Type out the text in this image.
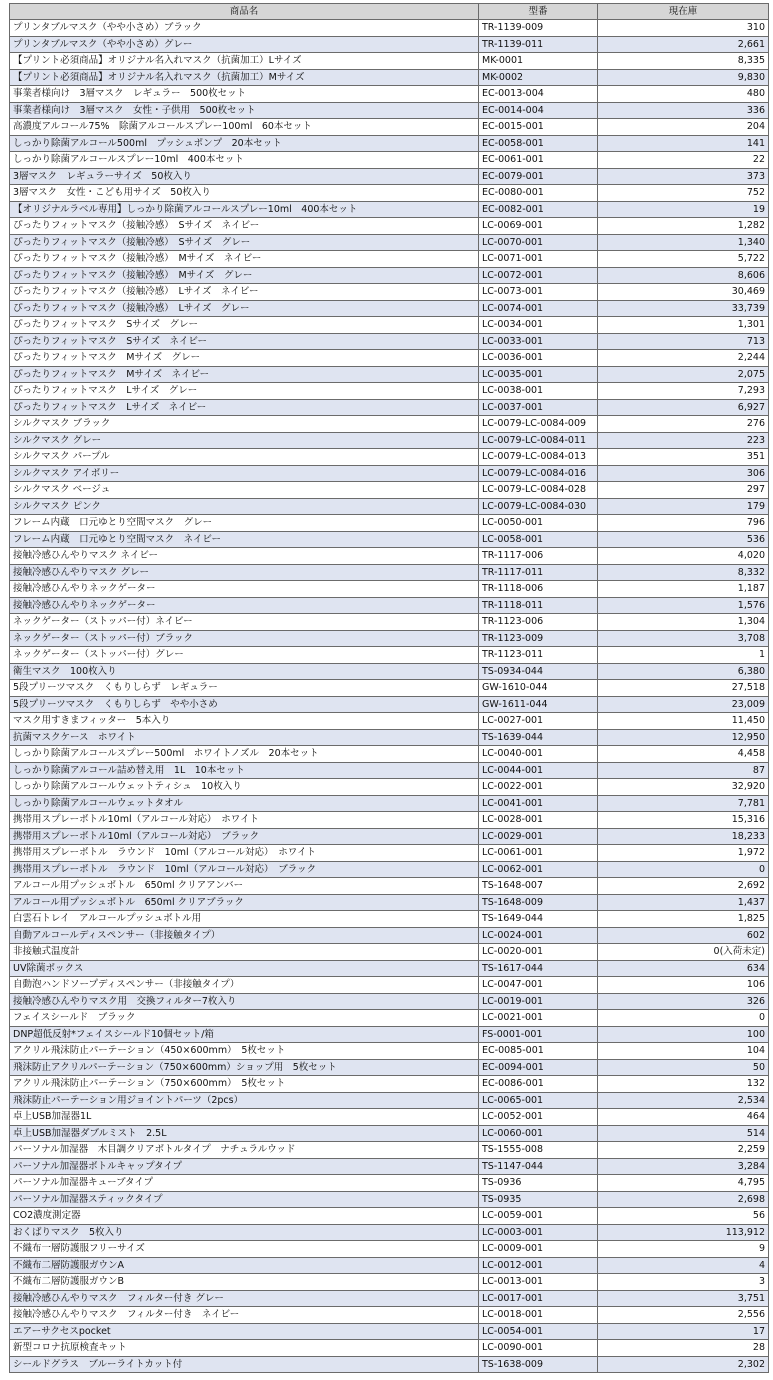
商品名	型番	現在庫
プリンタブルマスク（やや小さめ）ブラック	TR-1139-009	310
プリンタブルマスク（やや小さめ）グレー	TR-1139-011	2,661
【プリント必須商品】オリジナル名入れマスク（抗菌加工）Lサイズ	MK-0001	8,335
【プリント必須商品】オリジナル名入れマスク（抗菌加工）Mサイズ	MK-0002	9,830
事業者様向け　3層マスク　レギュラー　500枚セット	EC-0013-004	480
事業者様向け　3層マスク　女性・子供用　500枚セット	EC-0014-004	336
高濃度アルコール75%　除菌アルコールスプレー100ml　60本セット	EC-0015-001	204
しっかり除菌アルコール500ml　プッシュポンプ　20本セット	EC-0058-001	141
しっかり除菌アルコールスプレー10ml　400本セット	EC-0061-001	22
3層マスク　レギュラーサイズ　50枚入り	EC-0079-001	373
3層マスク　女性・こども用サイズ　50枚入り	EC-0080-001	752
【オリジナルラベル専用】しっかり除菌アルコールスプレー10ml　400本セット	EC-0082-001	19
ぴったりフィットマスク（接触冷感）　Sサイズ　ネイビー	LC-0069-001	1,282
ぴったりフィットマスク（接触冷感）　Sサイズ　グレー	LC-0070-001	1,340
ぴったりフィットマスク（接触冷感）　Mサイズ　ネイビー	LC-0071-001	5,722
ぴったりフィットマスク（接触冷感）　Mサイズ　グレー	LC-0072-001	8,606
ぴったりフィットマスク（接触冷感）　Lサイズ　ネイビー	LC-0073-001	30,469
ぴったりフィットマスク（接触冷感）　Lサイズ　グレー	LC-0074-001	33,739
ぴったりフィットマスク　Sサイズ　グレー	LC-0034-001	1,301
ぴったりフィットマスク　Sサイズ　ネイビー	LC-0033-001	713
ぴったりフィットマスク　Mサイズ　グレー	LC-0036-001	2,244
ぴったりフィットマスク　Mサイズ　ネイビー	LC-0035-001	2,075
ぴったりフィットマスク　Lサイズ　グレー	LC-0038-001	7,293
ぴったりフィットマスク　Lサイズ　ネイビー	LC-0037-001	6,927
シルクマスク ブラック	LC-0079-LC-0084-009	276
シルクマスク グレー	LC-0079-LC-0084-011	223
シルクマスク パープル	LC-0079-LC-0084-013	351
シルクマスク アイボリー	LC-0079-LC-0084-016	306
シルクマスク ベージュ	LC-0079-LC-0084-028	297
シルクマスク ピンク	LC-0079-LC-0084-030	179
フレーム内蔵　口元ゆとり空間マスク　グレー	LC-0050-001	796
フレーム内蔵　口元ゆとり空間マスク　ネイビー	LC-0058-001	536
接触冷感ひんやりマスク ネイビー	TR-1117-006	4,020
接触冷感ひんやりマスク グレー	TR-1117-011	8,332
接触冷感ひんやりネックゲーター	TR-1118-006	1,187
接触冷感ひんやりネックゲーター	TR-1118-011	1,576
ネックゲーター（ストッパー付）ネイビー	TR-1123-006	1,304
ネックゲーター（ストッパー付）ブラック	TR-1123-009	3,708
ネックゲーター（ストッパー付）グレー	TR-1123-011	1
衛生マスク　100枚入り	TS-0934-044	6,380
5段プリーツマスク　くもりしらず　レギュラー	GW-1610-044	27,518
5段プリーツマスク　くもりしらず　やや小さめ	GW-1611-044	23,009
マスク用すきまフィッター　5本入り	LC-0027-001	11,450
抗菌マスクケース　ホワイト	TS-1639-044	12,950
しっかり除菌アルコールスプレー500ml　ホワイトノズル　20本セット	LC-0040-001	4,458
しっかり除菌アルコール詰め替え用　1L　10本セット	LC-0044-001	87
しっかり除菌アルコールウェットティシュ　10枚入り	LC-0022-001	32,920
しっかり除菌アルコールウェットタオル	LC-0041-001	7,781
携帯用スプレーボトル10ml（アルコール対応）　ホワイト	LC-0028-001	15,316
携帯用スプレーボトル10ml（アルコール対応）　ブラック	LC-0029-001	18,233
携帯用スプレーボトル　ラウンド　10ml（アルコール対応）　ホワイト	LC-0061-001	1,972
携帯用スプレーボトル　ラウンド　10ml（アルコール対応）　ブラック	LC-0062-001	0
アルコール用プッシュボトル　650ml クリアアンバー	TS-1648-007	2,692
アルコール用プッシュボトル　650ml クリアブラック	TS-1648-009	1,437
白雲石トレイ　アルコールプッシュボトル用	TS-1649-044	1,825
自動アルコールディスペンサー（非接触タイプ）	LC-0024-001	602
非接触式温度計	LC-0020-001	0(入荷未定)
UV除菌ボックス	TS-1617-044	634
自動泡ハンドソープディスペンサー（非接触タイプ）	LC-0047-001	106
接触冷感ひんやりマスク用　交換フィルター7枚入り	LC-0019-001	326
フェイスシールド　ブラック	LC-0021-001	0
DNP超低反射*フェイスシールド10個セット/箱	FS-0001-001	100
アクリル飛沫防止パーテーション（450×600mm）　5枚セット	EC-0085-001	104
飛沫防止アクリルパーテーション（750×600mm）ショップ用　5枚セット	EC-0094-001	50
アクリル飛沫防止パーテーション（750×600mm）　5枚セット	EC-0086-001	132
飛沫防止パーテーション用ジョイントパーツ（2pcs）	LC-0065-001	2,534
卓上USB加湿器1L	LC-0052-001	464
卓上USB加湿器ダブルミスト　2.5L	LC-0060-001	514
パーソナル加湿器　木目調クリアボトルタイプ　ナチュラルウッド	TS-1555-008	2,259
パーソナル加湿器ボトルキャップタイプ	TS-1147-044	3,284
パーソナル加湿器キューブタイプ	TS-0936	4,795
パーソナル加湿器スティックタイプ	TS-0935	2,698
CO2濃度測定器	LC-0059-001	56
おくばりマスク　5枚入り	LC-0003-001	113,912
不織布一層防護服フリーサイズ	LC-0009-001	9
不織布二層防護服ガウンA	LC-0012-001	4
不織布二層防護服ガウンB	LC-0013-001	3
接触冷感ひんやりマスク　フィルター付き グレー	LC-0017-001	3,751
接触冷感ひんやりマスク　フィルター付き　ネイビー	LC-0018-001	2,556
エアーサクセスpocket	LC-0054-001	17
新型コロナ抗原検査キット	LC-0090-001	28
シールドグラス　ブルーライトカット付	TS-1638-009	2,302
